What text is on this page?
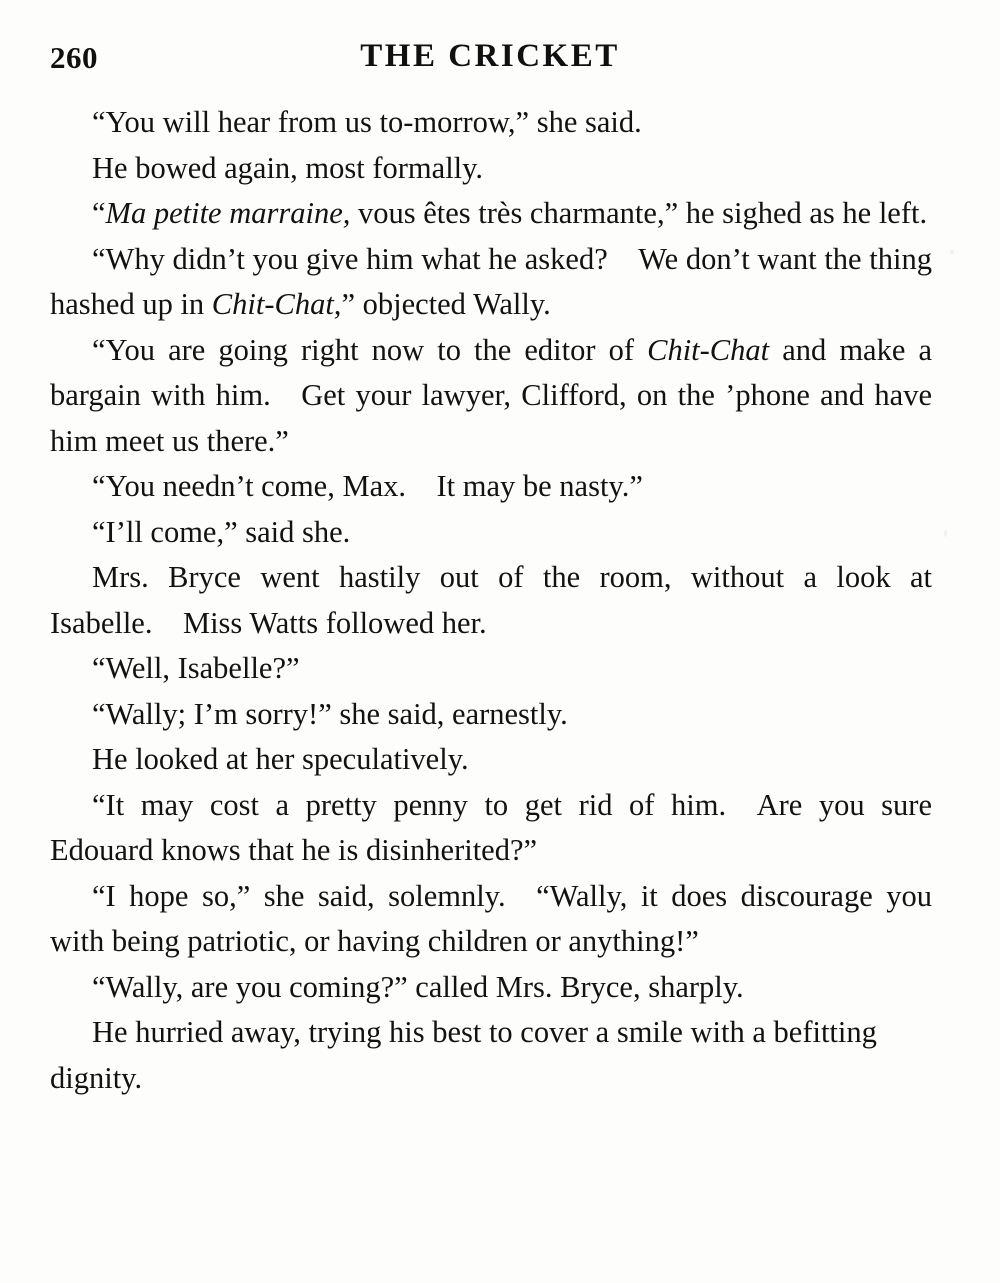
260	THE CRICKET

“You will hear from us to-morrow,” she said.

He bowed again, most formally.

“Ma petite marraine, vous êtes très charmante,” he sighed as he left.

“Why didn’t you give him what he asked? We don’t want the thing hashed up in Chit-Chat,” objected Wally.

“You are going right now to the editor of Chit-Chat and make a bargain with him. Get your lawyer, Clifford, on the ’phone and have him meet us there.”

“You needn’t come, Max. It may be nasty.”

“I’ll come,” said she.

Mrs. Bryce went hastily out of the room, without a look at Isabelle. Miss Watts followed her.

“Well, Isabelle?”

“Wally; I’m sorry!” she said, earnestly.

He looked at her speculatively.

“It may cost a pretty penny to get rid of him. Are you sure Edouard knows that he is disinherited?”

“I hope so,” she said, solemnly. “Wally, it does discourage you with being patriotic, or having children or anything!”

“Wally, are you coming?” called Mrs. Bryce, sharply.

He hurried away, trying his best to cover a smile with a befitting dignity.
